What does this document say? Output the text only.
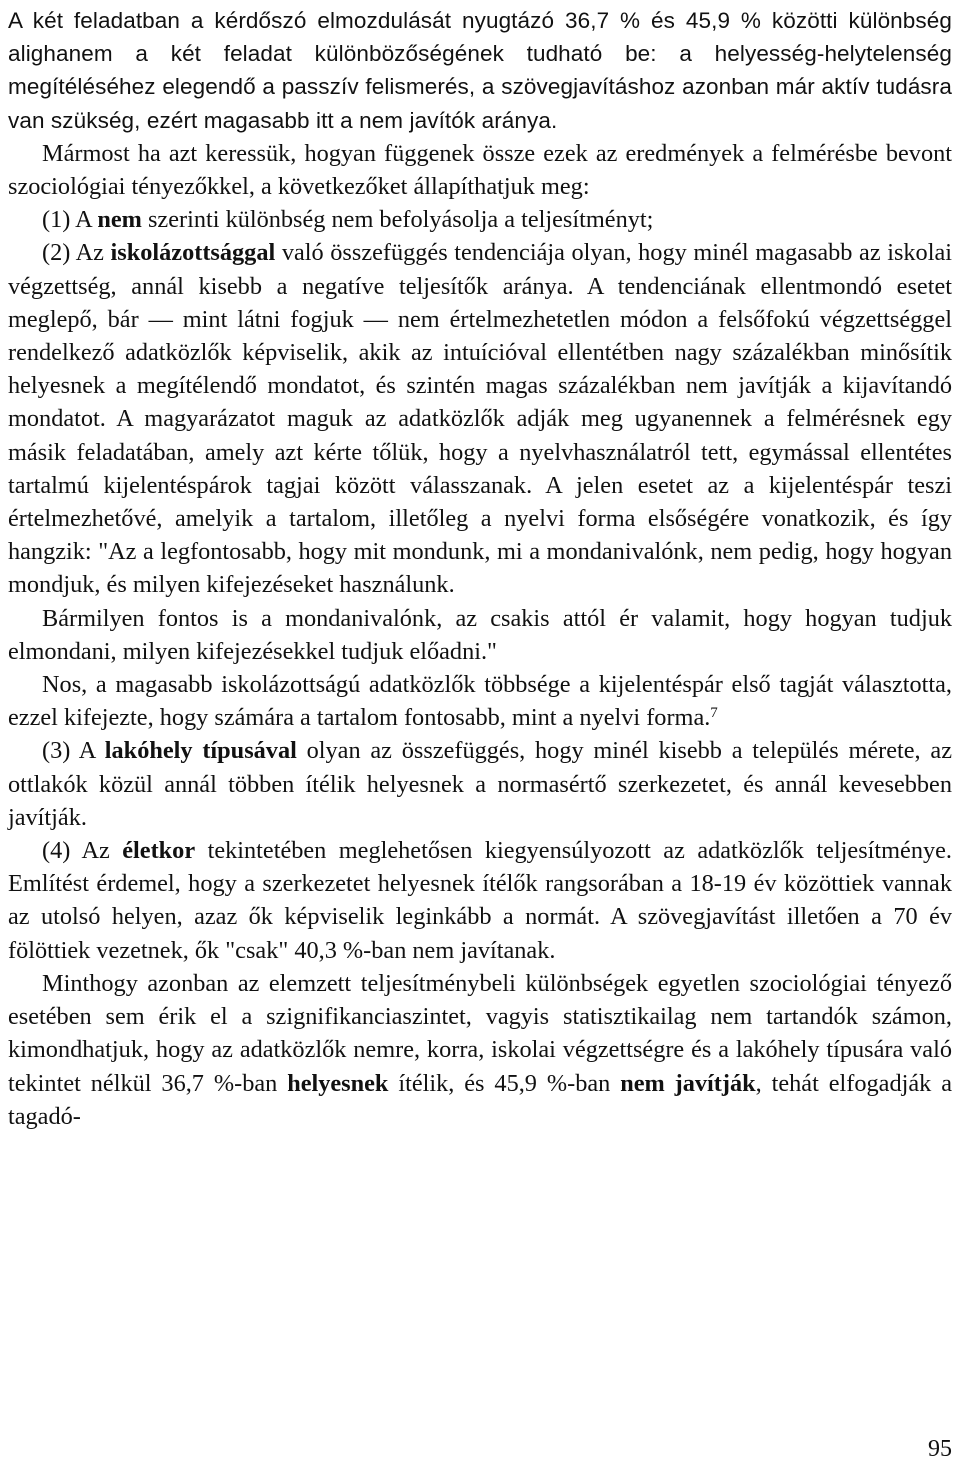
A két feladatban a kérdőszó elmozdulását nyugtázó 36,7 % és 45,9 % közötti különbség alighanem a két feladat különbözőségének tudható be: a helyesség-helytelenség megítéléséhez elegendő a passzív felismerés, a szövegjavításhoz azonban már aktív tudásra van szükség, ezért magasabb itt a nem javítók aránya.

Mármost ha azt keressük, hogyan függenek össze ezek az eredmények a felmérésbe bevont szociológiai tényezőkkel, a következőket állapíthatjuk meg:

(1) A nem szerinti különbség nem befolyásolja a teljesítményt;

(2) Az iskolázottsággal való összefüggés tendenciája olyan, hogy minél magasabb az iskolai végzettség, annál kisebb a negatíve teljesítők aránya. A tendenciának ellentmondó esetet meglepő, bár — mint látni fogjuk — nem értelmezhetetlen módon a felsőfokú végzettséggel rendelkező adatközlők képviselik, akik az intuícióval ellentétben nagy százalékban minősítik helyesnek a megítélendő mondatot, és szintén magas százalékban nem javítják a kijavítandó mondatot. A magyarázatot maguk az adatközlők adják meg ugyanennek a felmérésnek egy másik feladatában, amely azt kérte tőlük, hogy a nyelvhasználatról tett, egymással ellentétes tartalmú kijelentéspárok tagjai között válasszanak. A jelen esetet az a kijelentéspár teszi értelmezhetővé, amelyik a tartalom, illetőleg a nyelvi forma elsőségére vonatkozik, és így hangzik: "Az a legfontosabb, hogy mit mondunk, mi a mondanivalónk, nem pedig, hogy hogyan mondjuk, és milyen kifejezéseket használunk.

Bármilyen fontos is a mondanivalónk, az csakis attól ér valamit, hogy hogyan tudjuk elmondani, milyen kifejezésekkel tudjuk előadni."

Nos, a magasabb iskolázottságú adatközlők többsége a kijelentéspár első tagját választotta, ezzel kifejezte, hogy számára a tartalom fontosabb, mint a nyelvi forma.$^7$

(3) A lakóhely típusával olyan az összefüggés, hogy minél kisebb a település mérete, az ottlakók közül annál többen ítélik helyesnek a normasértő szerkezetet, és annál kevesebben javítják.

(4) Az életkor tekintetében meglehetősen kiegyensúlyozott az adatközlők teljesítménye. Említést érdemel, hogy a szerkezetet helyesnek ítélők rangsorában a 18-19 év közöttiek vannak az utolsó helyen, azaz ők képviselik leginkább a normát. A szövegjavítást illetően a 70 év fölöttiek vezetnek, ők "csak" 40,3 %-ban nem javítanak.

Minthogy azonban az elemzett teljesítménybeli különbségek egyetlen szociológiai tényező esetében sem érik el a szignifikanciaszintet, vagyis statisztikailag nem tartandók számon, kimondhatjuk, hogy az adatközlők nemre, korra, iskolai végzettségre és a lakóhely típusára való tekintet nélkül 36,7 %-ban helyesnek ítélik, és 45,9 %-ban nem javítják, tehát elfogadják a tagadó-

95
